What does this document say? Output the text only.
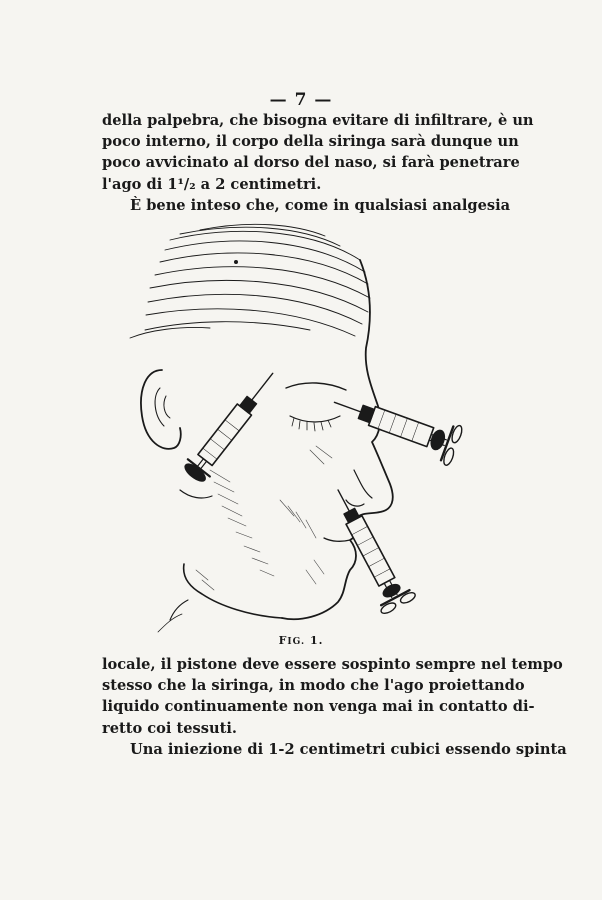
— 7 —
della palpebra, che bisogna evitare di infiltrare, è un
poco interno, il corpo della siringa sarà dunque un
poco avvicinato al dorso del naso, si farà penetrare
l'ago di 1¹/₂ a 2 centimetri.
È bene inteso che, come in qualsiasi analgesia
FIG. 1.
locale, il pistone deve essere sospinto sempre nel tempo
stesso che la siringa, in modo che l'ago proiettando
liquido continuamente non venga mai in contatto di-
retto coi tessuti.
Una iniezione di 1-2 centimetri cubici essendo spinta
